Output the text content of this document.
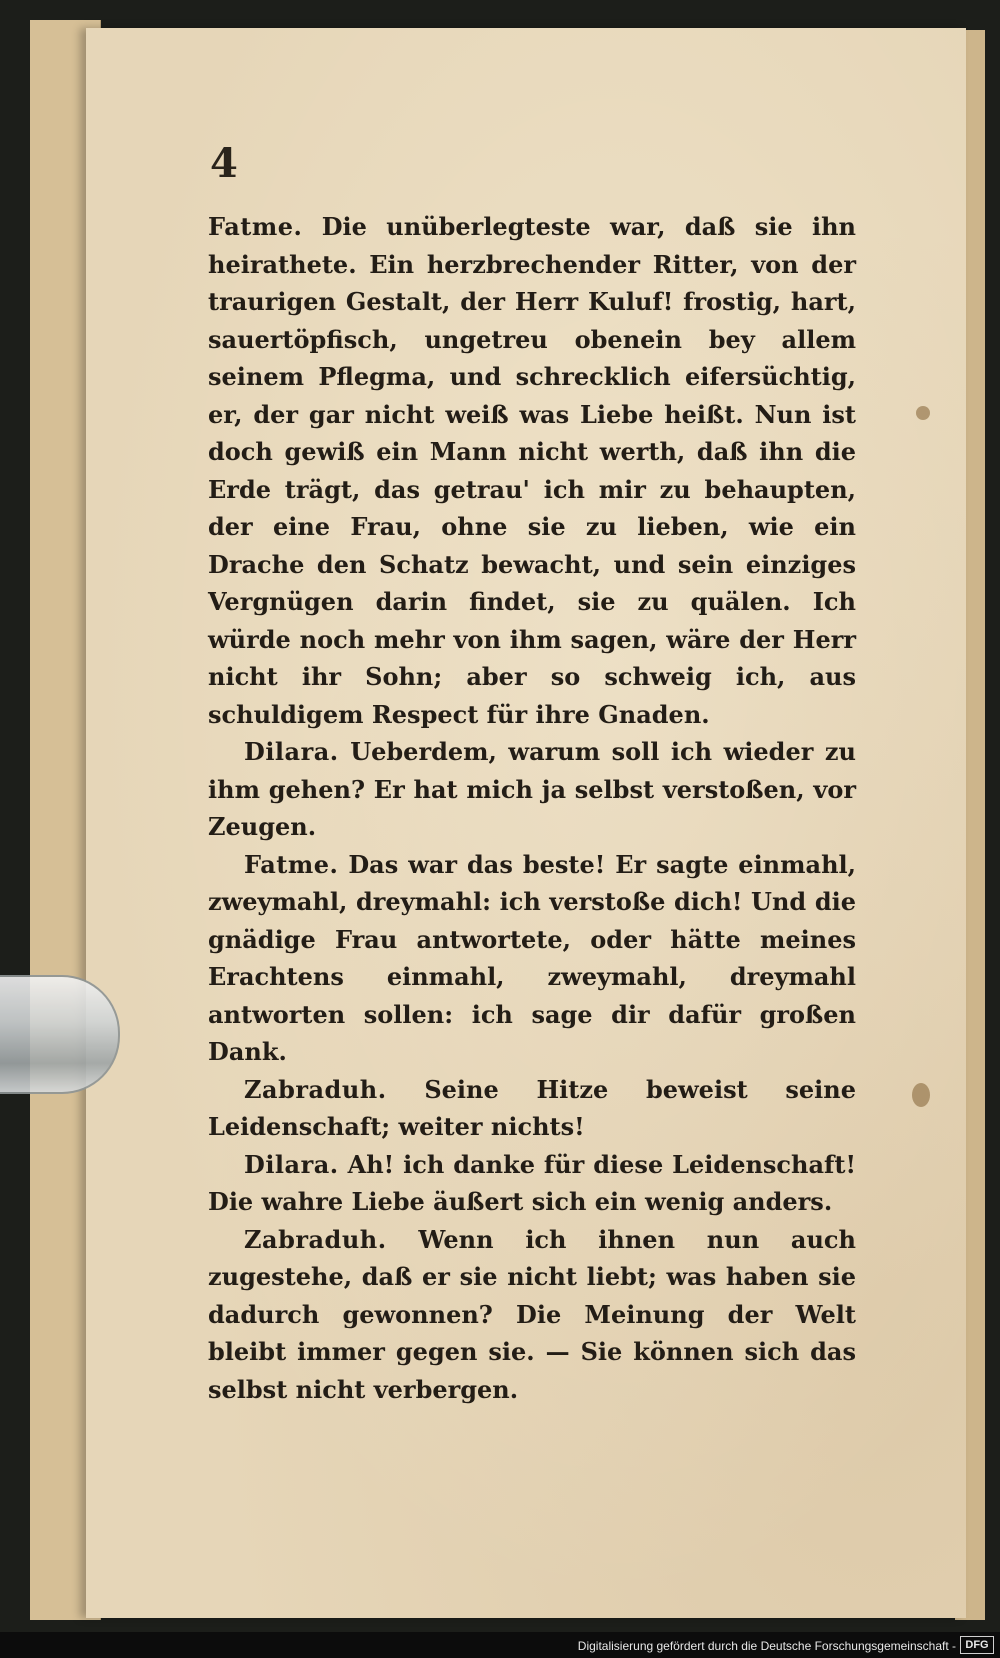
4

Fatme. Die unüberlegteste war, daß sie ihn heirathete. Ein herzbrechender Ritter, von der traurigen Gestalt, der Herr Kuluf! frostig, hart, sauertöpfisch, ungetreu obenein bey allem seinem Pflegma, und schrecklich eifersüchtig, er, der gar nicht weiß was Liebe heißt. Nun ist doch gewiß ein Mann nicht werth, daß ihn die Erde trägt, das getrau' ich mir zu behaupten, der eine Frau, ohne sie zu lieben, wie ein Drache den Schatz bewacht, und sein einziges Vergnügen darin findet, sie zu quälen. Ich würde noch mehr von ihm sagen, wäre der Herr nicht ihr Sohn; aber so schweig ich, aus schuldigem Respect für ihre Gnaden.

Dilara. Ueberdem, warum soll ich wieder zu ihm gehen? Er hat mich ja selbst verstoßen, vor Zeugen.

Fatme. Das war das beste! Er sagte einmahl, zweymahl, dreymahl: ich verstoße dich! Und die gnädige Frau antwortete, oder hätte meines Erachtens einmahl, zweymahl, dreymahl antworten sollen: ich sage dir dafür großen Dank.

Zabraduh. Seine Hitze beweist seine Leidenschaft; weiter nichts!

Dilara. Ah! ich danke für diese Leidenschaft! Die wahre Liebe äußert sich ein wenig anders.

Zabraduh. Wenn ich ihnen nun auch zugestehe, daß er sie nicht liebt; was haben sie dadurch gewonnen? Die Meinung der Welt bleibt immer gegen sie. — Sie können sich das selbst nicht verbergen.

Digitalisierung gefördert durch die Deutsche Forschungsgemeinschaft - DFG
